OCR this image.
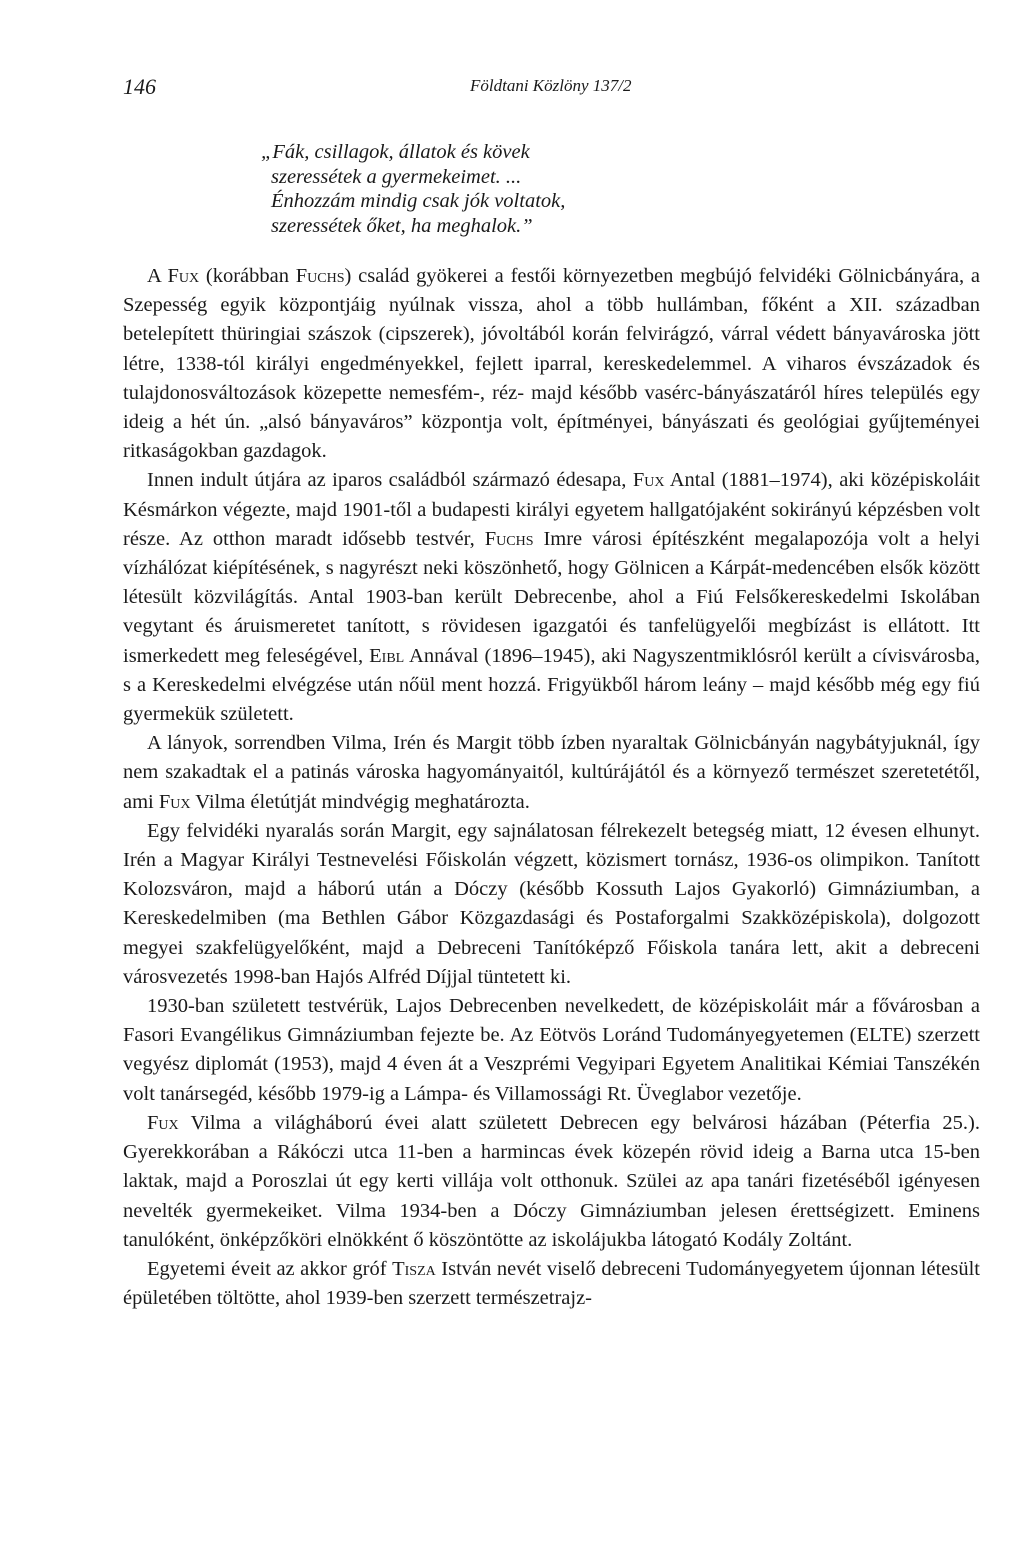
146	Földtani Közlöny 137/2
„Fák, csillagok, állatok és kövek
szeressétek a gyermekeimet. ...
Énhozzám mindig csak jók voltatok,
szeressétek őket, ha meghalok.”

A Fux (korábban Fuchs) család gyökerei a festői környezetben megbújó felvidéki Gölnicbányára, a Szepesség egyik központjáig nyúlnak vissza, ahol a több hullámban, főként a XII. században betelepített thüringiai szászok (cipszerek), jóvoltából korán felvirágzó, várral védett bányavároska jött létre, 1338-tól királyi engedményekkel, fejlett iparral, kereskedelemmel. A viharos évszázadok és tulajdonosváltozások közepette nemesfém-, réz- majd később vasérc-bányászatáról híres település egy ideig a hét ún. „alsó bányaváros” központja volt, építményei, bányászati és geológiai gyűjteményei ritkaságokban gazdagok.

Innen indult útjára az iparos családból származó édesapa, Fux Antal (1881–1974), aki középiskoláit Késmárkon végezte, majd 1901-től a budapesti királyi egyetem hallgatójaként sokirányú képzésben volt része. Az otthon maradt idősebb testvér, Fuchs Imre városi építészként megalapozója volt a helyi vízhálózat kiépítésének, s nagyrészt neki köszönhető, hogy Gölnicen a Kárpát-medencében elsők között létesült közvilágítás. Antal 1903-ban került Debrecenbe, ahol a Fiú Felsőkereskedelmi Iskolában vegytant és áruismeretet tanított, s rövidesen igazgatói és tanfelügyelői megbízást is ellátott. Itt ismerkedett meg feleségével, Eibl Annával (1896–1945), aki Nagyszentmiklósról került a cívisvárosba, s a Kereskedelmi elvégzése után nőül ment hozzá. Frigyükből három leány – majd később még egy fiú gyermekük született.

A lányok, sorrendben Vilma, Irén és Margit több ízben nyaraltak Gölnicbányán nagybátyjuknál, így nem szakadtak el a patinás városka hagyományaitól, kultúrájától és a környező természet szeretetétől, ami Fux Vilma életútját mindvégig meghatározta.

Egy felvidéki nyaralás során Margit, egy sajnálatosan félrekezelt betegség miatt, 12 évesen elhunyt. Irén a Magyar Királyi Testnevelési Főiskolán végzett, közismert tornász, 1936-os olimpikon. Tanított Kolozsváron, majd a háború után a Dóczy (később Kossuth Lajos Gyakorló) Gimnáziumban, a Kereskedelmiben (ma Bethlen Gábor Közgazdasági és Postaforgalmi Szakközépiskola), dolgozott megyei szakfelügyelőként, majd a Debreceni Tanítóképző Főiskola tanára lett, akit a debreceni városvezetés 1998-ban Hajós Alfréd Díjjal tüntetett ki.

1930-ban született testvérük, Lajos Debrecenben nevelkedett, de középiskoláit már a fővárosban a Fasori Evangélikus Gimnáziumban fejezte be. Az Eötvös Loránd Tudományegyetemen (ELTE) szerzett vegyész diplomát (1953), majd 4 éven át a Veszprémi Vegyipari Egyetem Analitikai Kémiai Tanszékén volt tanársegéd, később 1979-ig a Lámpa- és Villamossági Rt. Üveglabor vezetője.

Fux Vilma a világháború évei alatt született Debrecen egy belvárosi házában (Péterfia 25.). Gyerekkorában a Rákóczi utca 11-ben a harmincas évek közepén rövid ideig a Barna utca 15-ben laktak, majd a Poroszlai út egy kerti villája volt otthonuk. Szülei az apa tanári fizetéséből igényesen nevelték gyermekeiket. Vilma 1934-ben a Dóczy Gimnáziumban jelesen érettségizett. Eminens tanulóként, önképzőköri elnökként ő köszöntötte az iskolájukba látogató Kodály Zoltánt.

Egyetemi éveit az akkor gróf Tisza István nevét viselő debreceni Tudományegyetem újonnan létesült épületében töltötte, ahol 1939-ben szerzett természetrajz-
